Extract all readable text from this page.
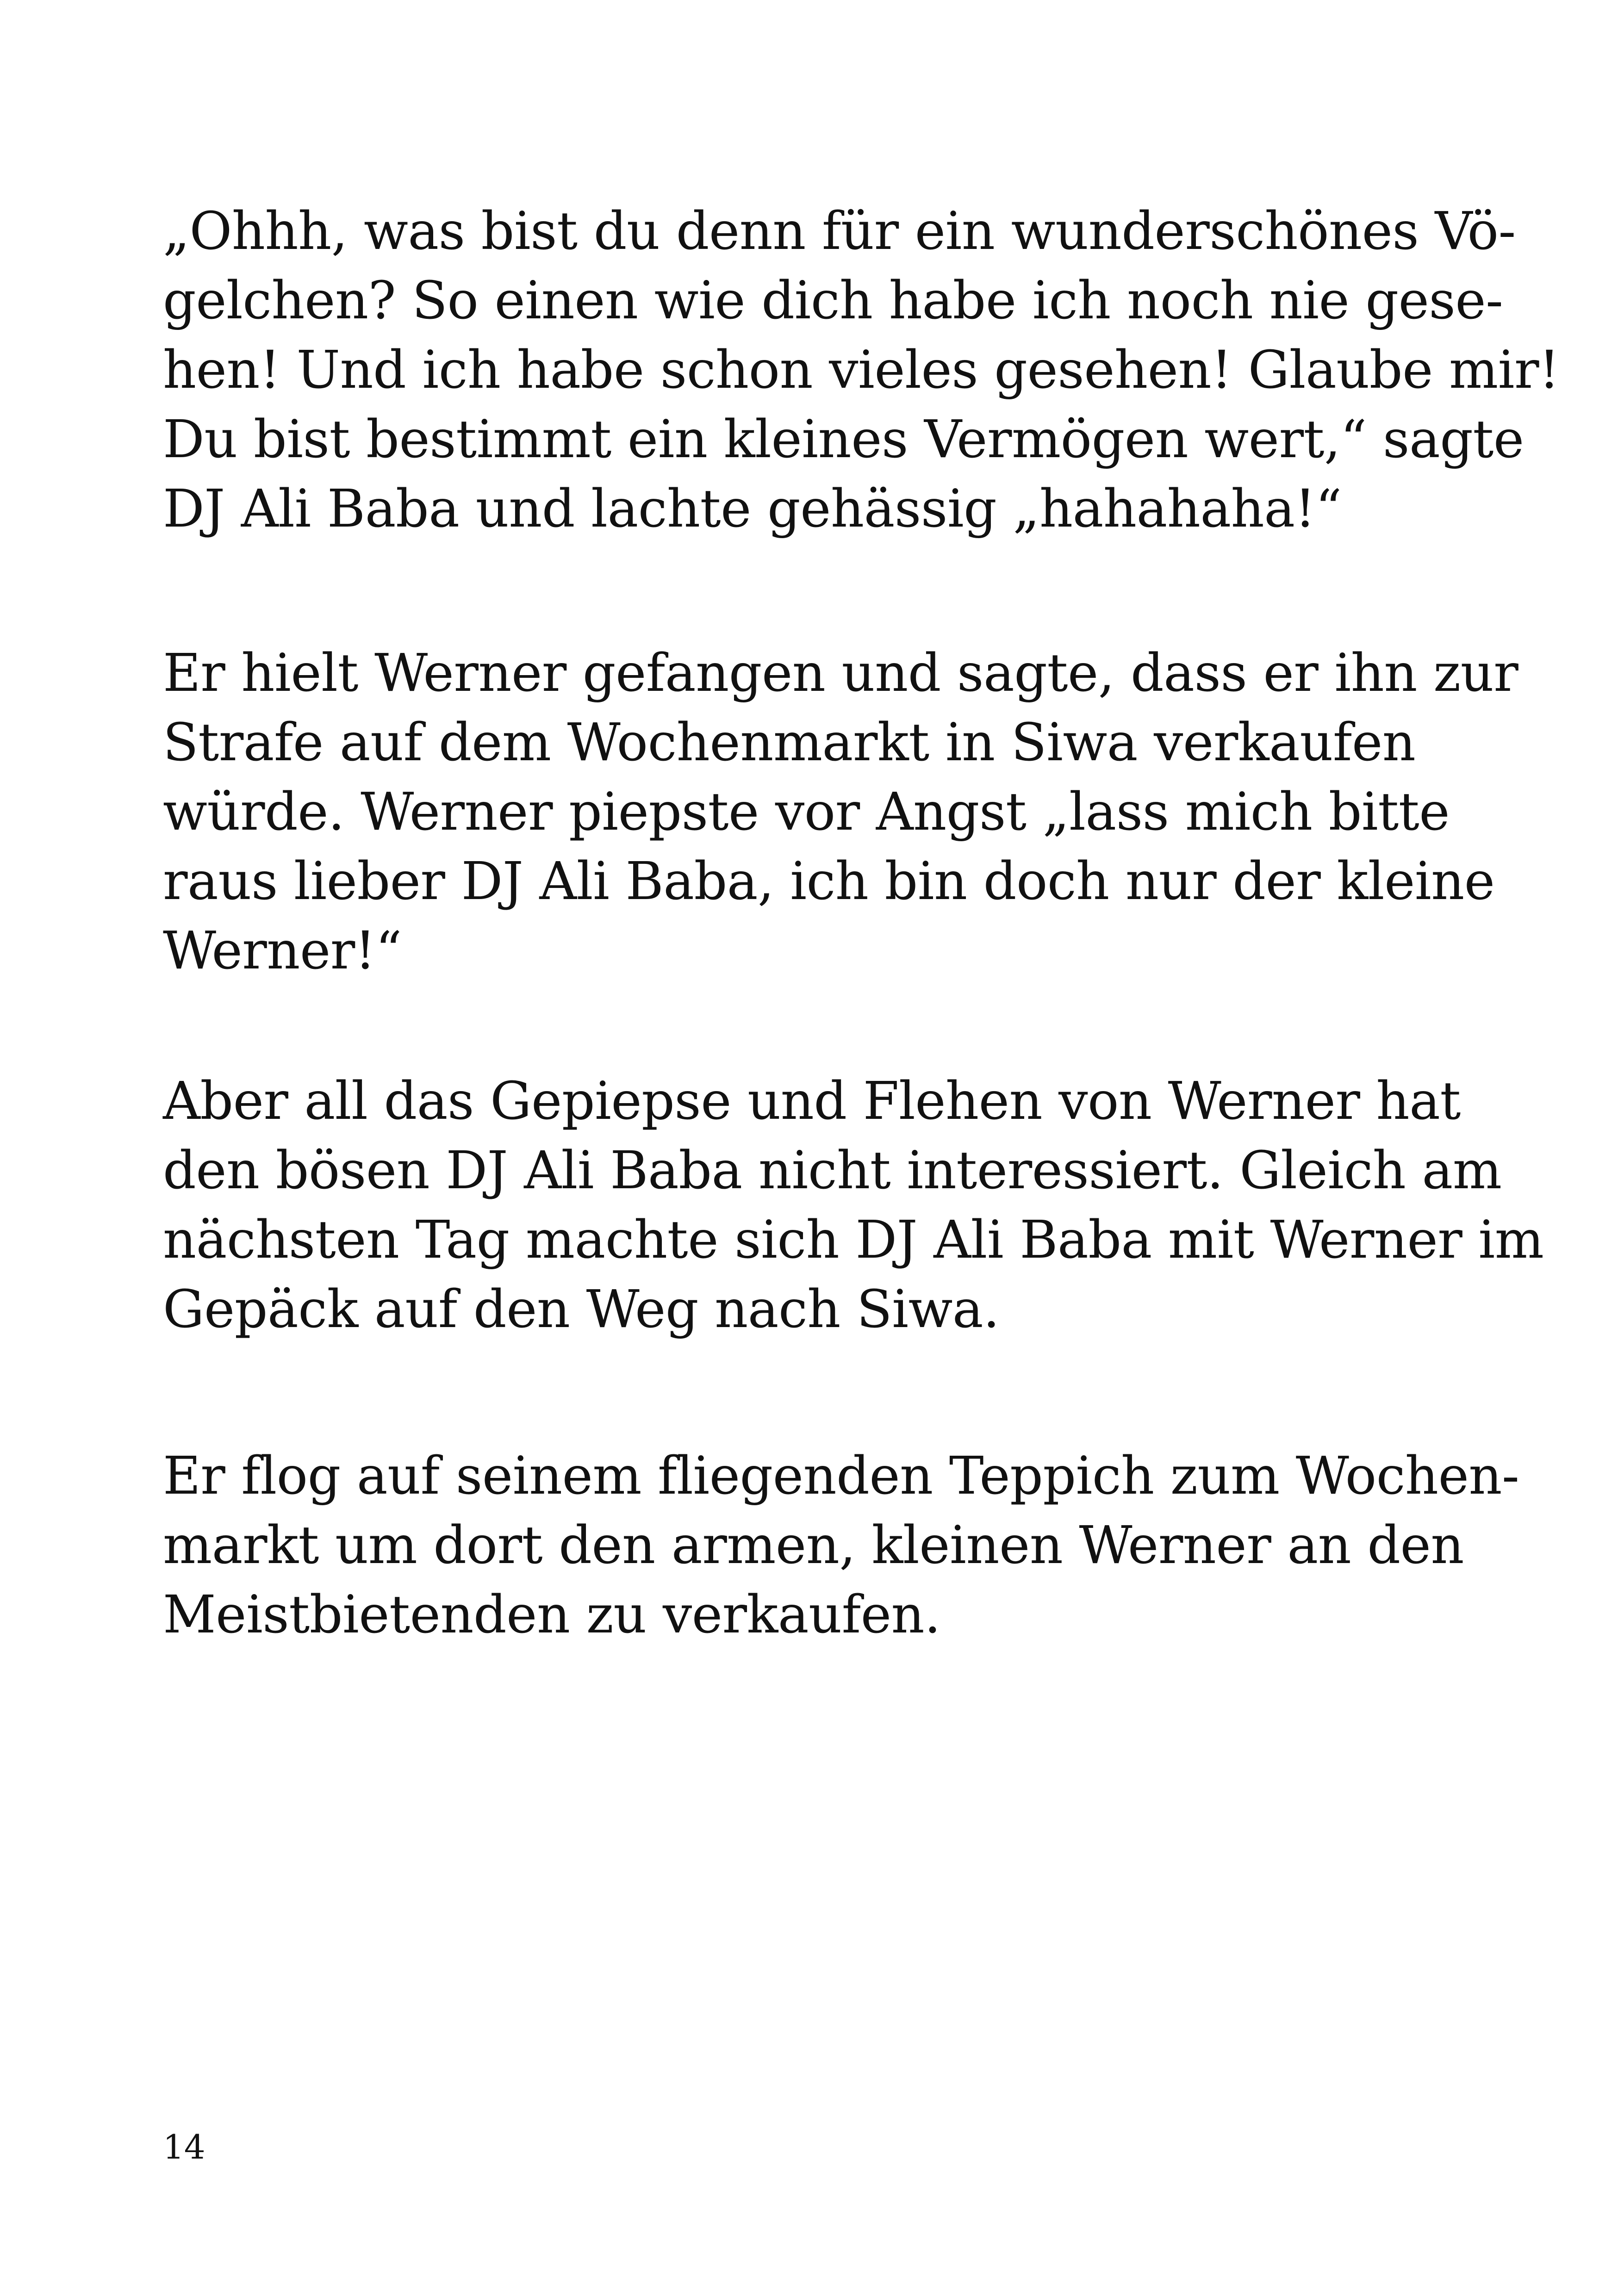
„Ohhh, was bist du denn für ein wunderschönes Vö-
gelchen? So einen wie dich habe ich noch nie gese-
hen! Und ich habe schon vieles gesehen! Glaube mir!
Du bist bestimmt ein kleines Vermögen wert,“ sagte
DJ Ali Baba und lachte gehässig „hahahaha!“

Er hielt Werner gefangen und sagte, dass er ihn zur
Strafe auf dem Wochenmarkt in Siwa verkaufen
würde. Werner piepste vor Angst „lass mich bitte
raus lieber DJ Ali Baba, ich bin doch nur der kleine
Werner!“

Aber all das Gepiepse und Flehen von Werner hat
den bösen DJ Ali Baba nicht interessiert. Gleich am
nächsten Tag machte sich DJ Ali Baba mit Werner im
Gepäck auf den Weg nach Siwa.

Er flog auf seinem fliegenden Teppich zum Wochen-
markt um dort den armen, kleinen Werner an den
Meistbietenden zu verkaufen.

14
